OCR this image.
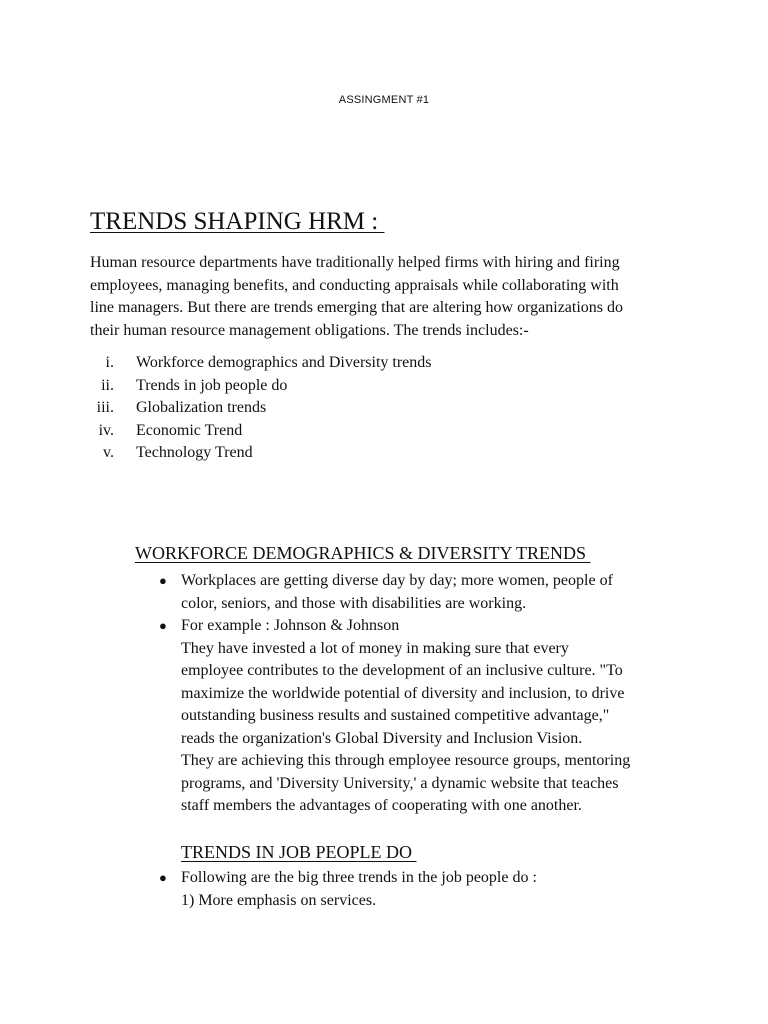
ASSINGMENT #1
TRENDS SHAPING HRM :
Human resource departments have traditionally helped firms with hiring and firing
employees, managing benefits, and conducting appraisals while collaborating with
line managers. But there are trends emerging that are altering how organizations do
their human resource management obligations. The trends includes:-
i. Workforce demographics and Diversity trends
ii. Trends in job people do
iii. Globalization trends
iv. Economic Trend
v. Technology Trend
WORKFORCE DEMOGRAPHICS & DIVERSITY TRENDS
● Workplaces are getting diverse day by day; more women, people of
color, seniors, and those with disabilities are working.
● For example : Johnson & Johnson
They have invested a lot of money in making sure that every
employee contributes to the development of an inclusive culture. "To
maximize the worldwide potential of diversity and inclusion, to drive
outstanding business results and sustained competitive advantage,"
reads the organization's Global Diversity and Inclusion Vision.
They are achieving this through employee resource groups, mentoring
programs, and 'Diversity University,' a dynamic website that teaches
staff members the advantages of cooperating with one another.
TRENDS IN JOB PEOPLE DO
● Following are the big three trends in the job people do :
1) More emphasis on services.
